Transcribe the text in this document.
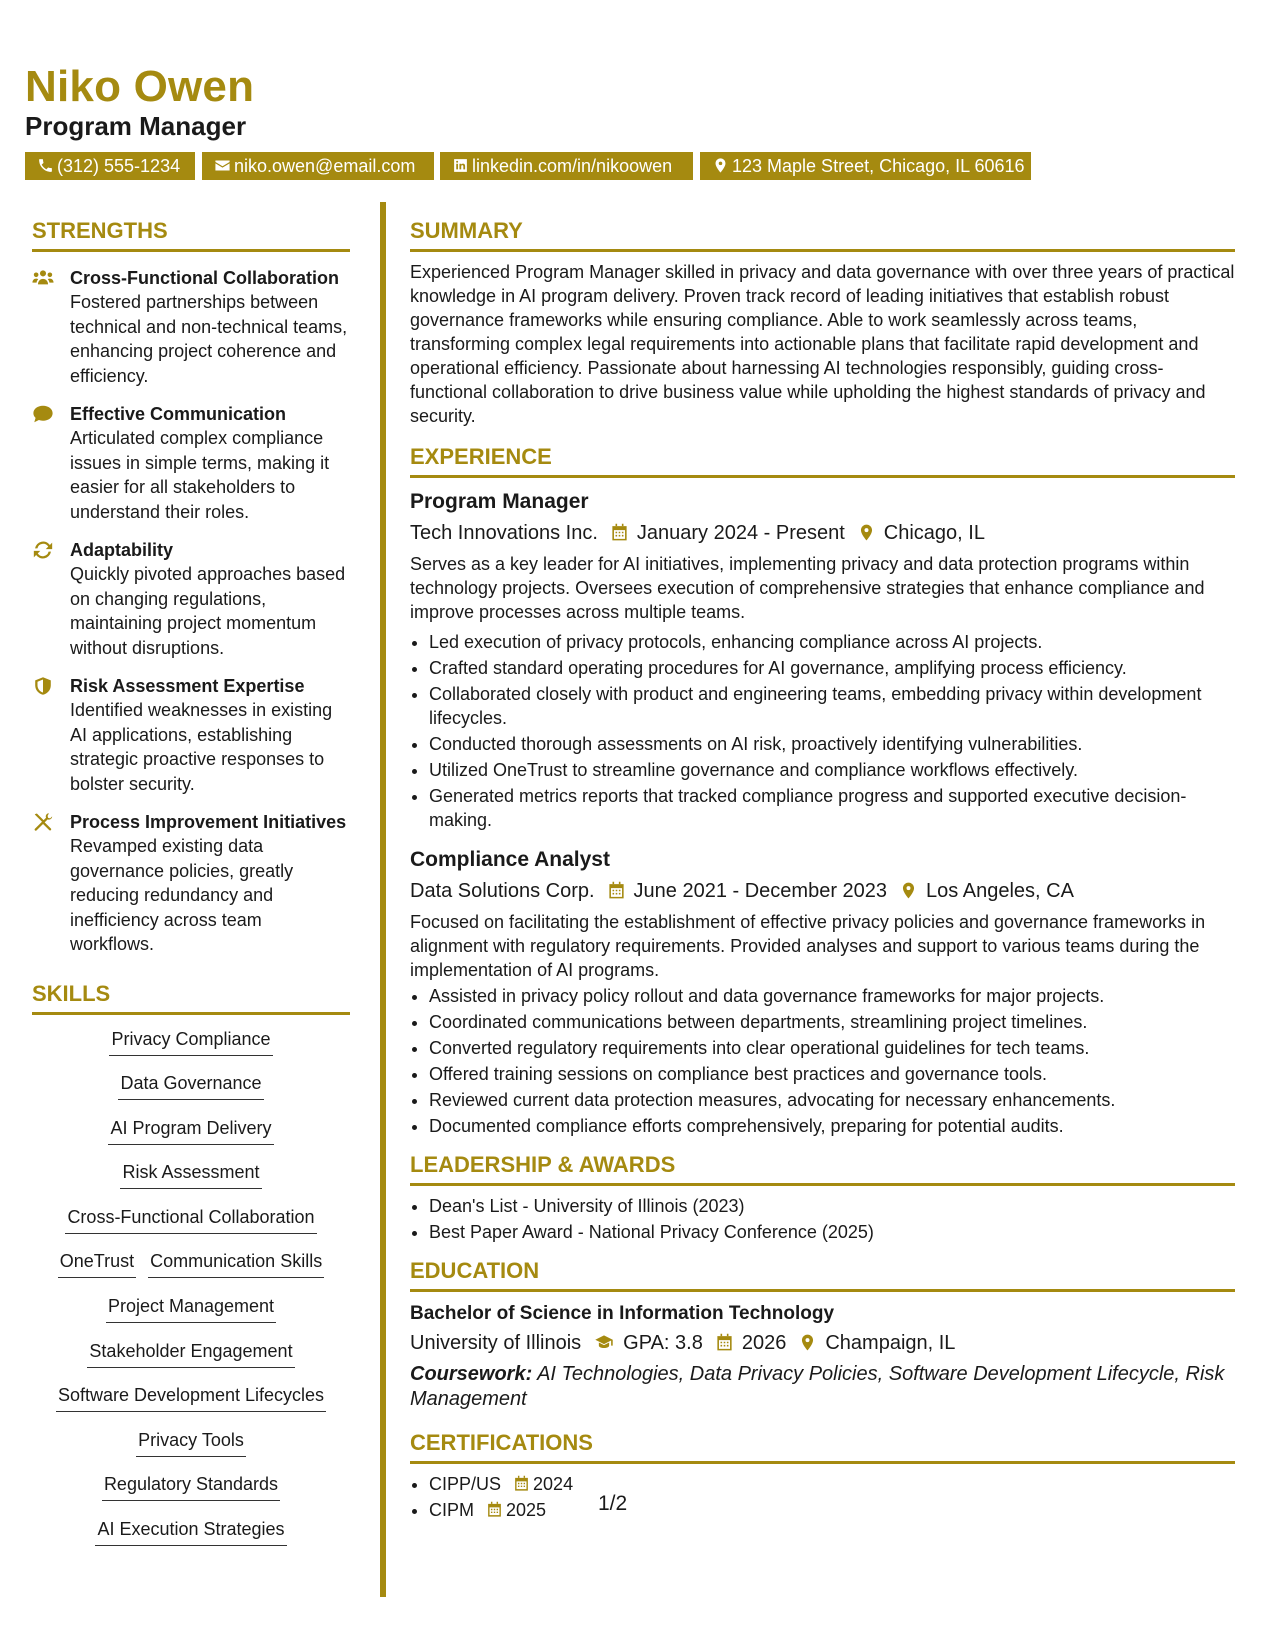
Niko Owen
Program Manager
(312) 555-1234	niko.owen@email.com	linkedin.com/in/nikoowen	123 Maple Street, Chicago, IL 60616
STRENGTHS
Cross-Functional Collaboration

Fostered partnerships between technical and non-technical teams, enhancing project coherence and efficiency.

Effective Communication

Articulated complex compliance issues in simple terms, making it easier for all stakeholders to understand their roles.

Adaptability

Quickly pivoted approaches based on changing regulations, maintaining project momentum without disruptions.

Risk Assessment Expertise

Identified weaknesses in existing AI applications, establishing strategic proactive responses to bolster security.

Process Improvement Initiatives

Revamped existing data governance policies, greatly reducing redundancy and inefficiency across team workflows.

SKILLS
Privacy Compliance
Data Governance
AI Program Delivery
Risk Assessment
Cross-Functional Collaboration
OneTrust Communication Skills
Project Management
Stakeholder Engagement
Software Development Lifecycles
Privacy Tools
Regulatory Standards
AI Execution Strategies
SUMMARY

Experienced Program Manager skilled in privacy and data governance with over three years of practical knowledge in AI program delivery. Proven track record of leading initiatives that establish robust governance frameworks while ensuring compliance. Able to work seamlessly across teams, transforming complex legal requirements into actionable plans that facilitate rapid development and operational efficiency. Passionate about harnessing AI technologies responsibly, guiding cross-functional collaboration to drive business value while upholding the highest standards of privacy and security.

EXPERIENCE

Program Manager

Tech Innovations Inc. January 2024 - Present Chicago, IL

Serves as a key leader for AI initiatives, implementing privacy and data protection programs within technology projects. Oversees execution of comprehensive strategies that enhance compliance and improve processes across multiple teams.

• Led execution of privacy protocols, enhancing compliance across AI projects.
• Crafted standard operating procedures for AI governance, amplifying process efficiency.
• Collaborated closely with product and engineering teams, embedding privacy within development lifecycles.
• Conducted thorough assessments on AI risk, proactively identifying vulnerabilities.
• Utilized OneTrust to streamline governance and compliance workflows effectively.
• Generated metrics reports that tracked compliance progress and supported executive decision-making.

Compliance Analyst

Data Solutions Corp. June 2021 - December 2023 Los Angeles, CA

Focused on facilitating the establishment of effective privacy policies and governance frameworks in alignment with regulatory requirements. Provided analyses and support to various teams during the implementation of AI programs.

• Assisted in privacy policy rollout and data governance frameworks for major projects.
• Coordinated communications between departments, streamlining project timelines.
• Converted regulatory requirements into clear operational guidelines for tech teams.
• Offered training sessions on compliance best practices and governance tools.
• Reviewed current data protection measures, advocating for necessary enhancements.
• Documented compliance efforts comprehensively, preparing for potential audits.
LEADERSHIP & AWARDS
• Dean's List - University of Illinois (2023)
• Best Paper Award - National Privacy Conference (2025)
EDUCATION

Bachelor of Science in Information Technology

University of Illinois GPA: 3.8 2026 Champaign, IL

Coursework: AI Technologies, Data Privacy Policies, Software Development Lifecycle, Risk Management

CERTIFICATIONS
• CIPP/US 2024
• CIPM 2025	1/2
